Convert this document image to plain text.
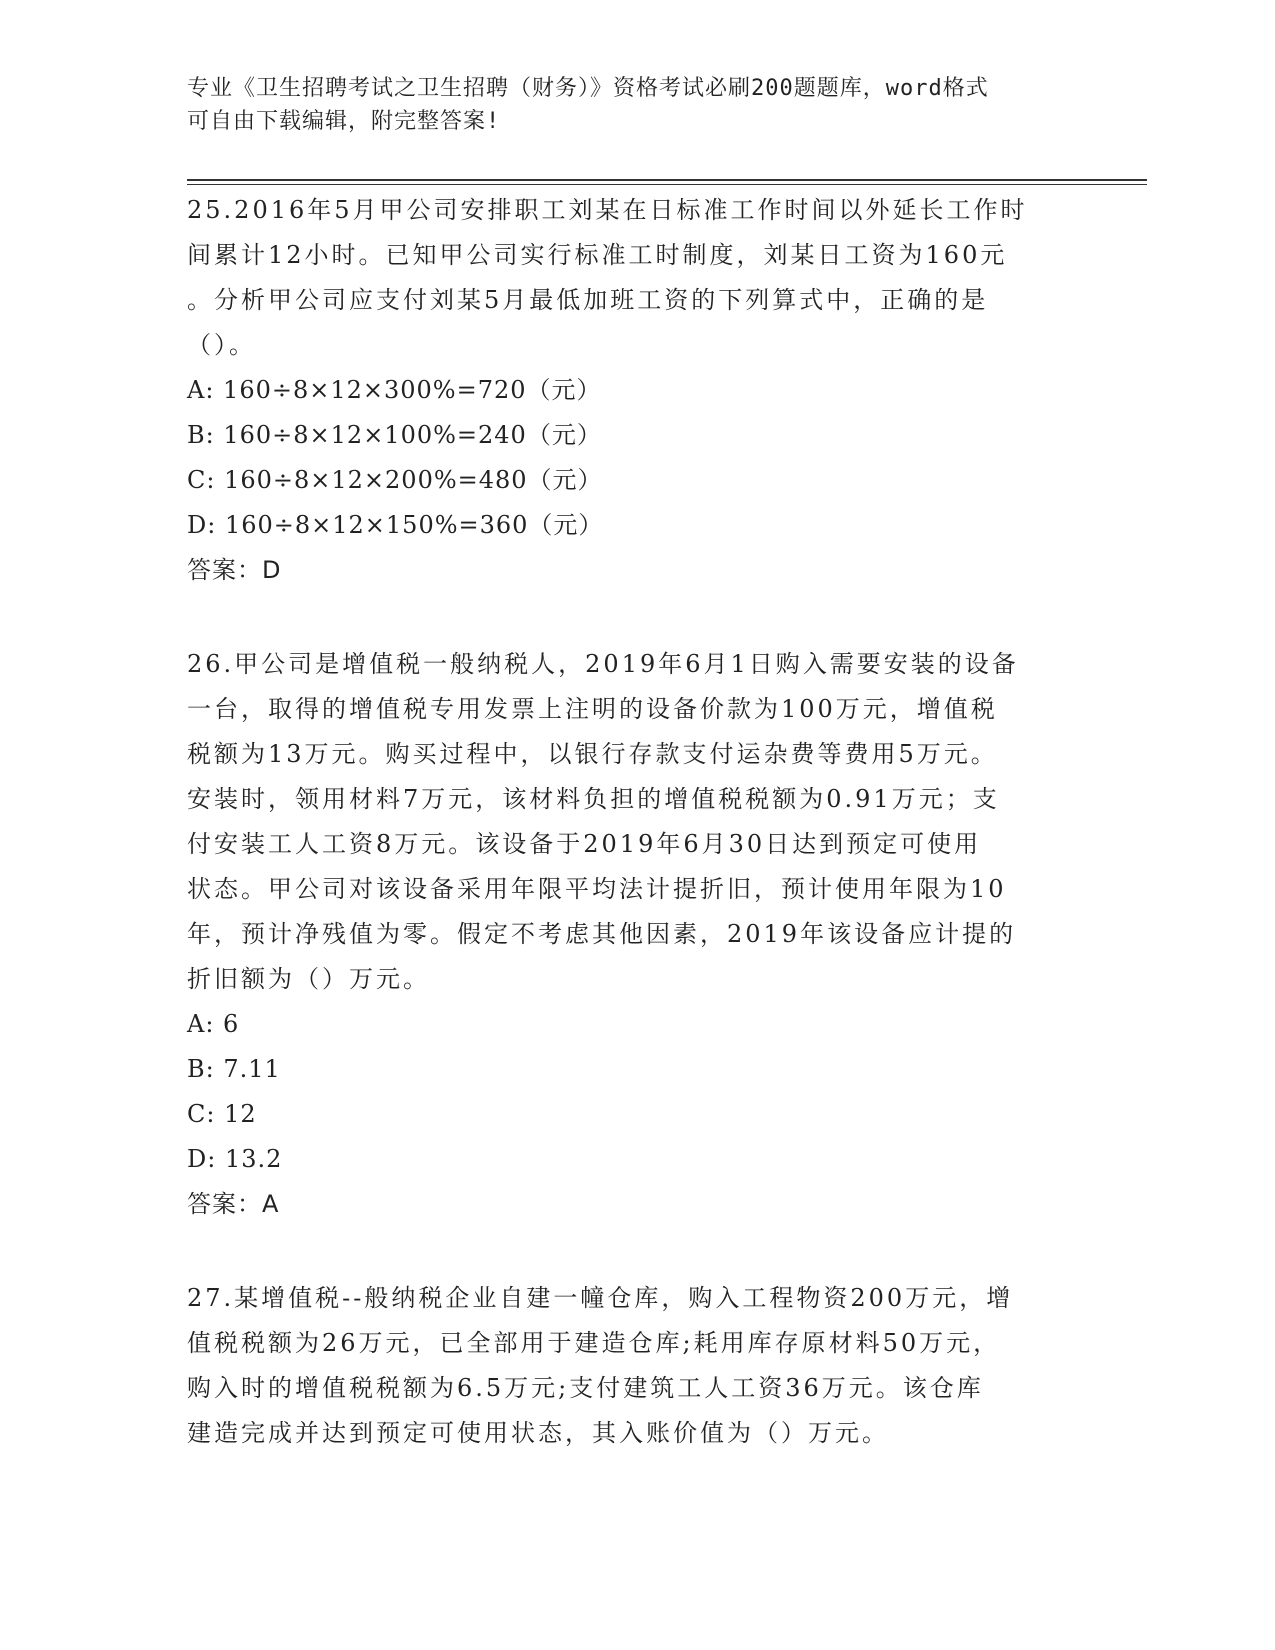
专业《卫生招聘考试之卫生招聘（财务）》资格考试必刷200题题库，word格式
可自由下载编辑，附完整答案!
25.2016年5月甲公司安排职工刘某在日标准工作时间以外延长工作时
间累计12小时。已知甲公司实行标准工时制度，刘某日工资为160元
。分析甲公司应支付刘某5月最低加班工资的下列算式中，正确的是
（）。
A: 160÷8×12×300%=720（元）
B: 160÷8×12×100%=240（元）
C: 160÷8×12×200%=480（元）
D: 160÷8×12×150%=360（元）
答案：D
26.甲公司是增值税一般纳税人，2019年6月1日购入需要安装的设备
一台，取得的增值税专用发票上注明的设备价款为100万元，增值税
税额为13万元。购买过程中，以银行存款支付运杂费等费用5万元。
安装时，领用材料7万元，该材料负担的增值税税额为0.91万元；支
付安装工人工资8万元。该设备于2019年6月30日达到预定可使用
状态。甲公司对该设备采用年限平均法计提折旧，预计使用年限为10
年，预计净残值为零。假定不考虑其他因素，2019年该设备应计提的
折旧额为（）万元。
A: 6
B: 7.11
C: 12
D: 13.2
答案：A
27.某增值税--般纳税企业自建一幢仓库，购入工程物资200万元，增
值税税额为26万元，已全部用于建造仓库;耗用库存原材料50万元，
购入时的增值税税额为6.5万元;支付建筑工人工资36万元。该仓库
建造完成并达到预定可使用状态，其入账价值为（）万元。
